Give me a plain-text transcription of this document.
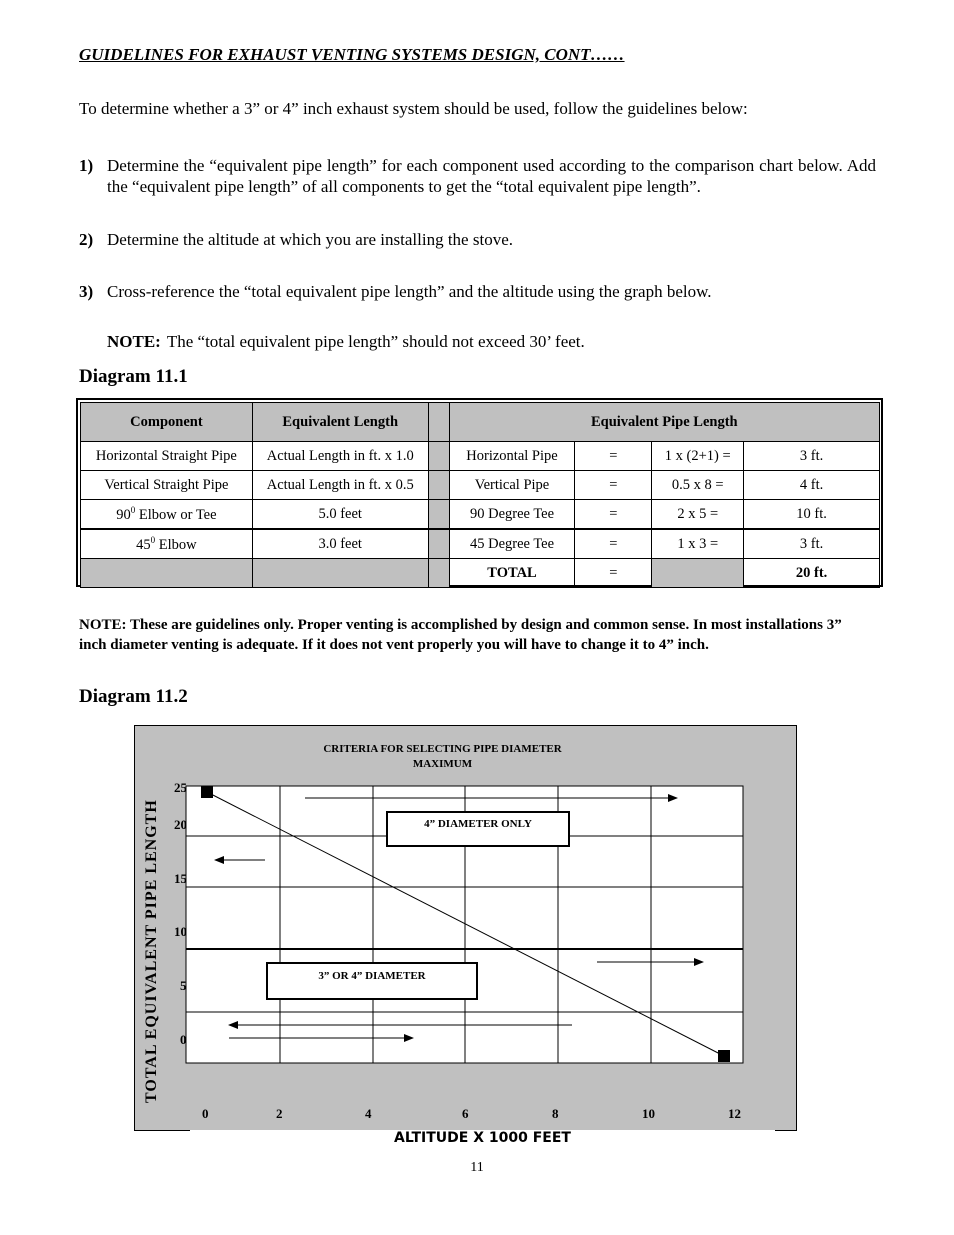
GUIDELINES FOR EXHAUST VENTING SYSTEMS DESIGN, CONT……
To determine whether a 3” or 4” inch exhaust system should be used, follow the guidelines below:
1) Determine the “equivalent pipe length” for each component used according to the comparison chart below. Add the “equivalent pipe length” of all components to get the “total equivalent pipe length”.
2) Determine the altitude at which you are installing the stove.
3) Cross-reference the “total equivalent pipe length” and the altitude using the graph below.
NOTE: The “total equivalent pipe length” should not exceed 30’ feet.
Diagram 11.1
Component	Equivalent Length		Equivalent Pipe Length			
Horizontal Straight Pipe	Actual Length in ft. x 1.0		Horizontal Pipe	=	1 x (2+1) =	3 ft.
Vertical Straight Pipe	Actual Length in ft. x 0.5		Vertical Pipe	=	0.5 x 8 =	4 ft.
$90^0$ Elbow or Tee	5.0 feet		90 Degree Tee	=	2 x 5 =	10 ft.
$45^0$ Elbow	3.0 feet		45 Degree Tee	=	1 x 3 =	3 ft.
			TOTAL	=		20 ft.
NOTE: These are guidelines only. Proper venting is accomplished by design and common sense. In most installations 3” inch diameter venting is adequate. If it does not vent properly you will have to change it to 4” inch.
Diagram 11.2
CRITERIA FOR SELECTING PIPE DIAMETER
MAXIMUM
TOTAL EQUIVALENT PIPE LENGTH	4” DIAMETER ONLY
3” OR 4” DIAMETER
25
20
15
10
5
0
0	2	4	6	8	10	12
ALTITUDE X 1000 FEET
11
